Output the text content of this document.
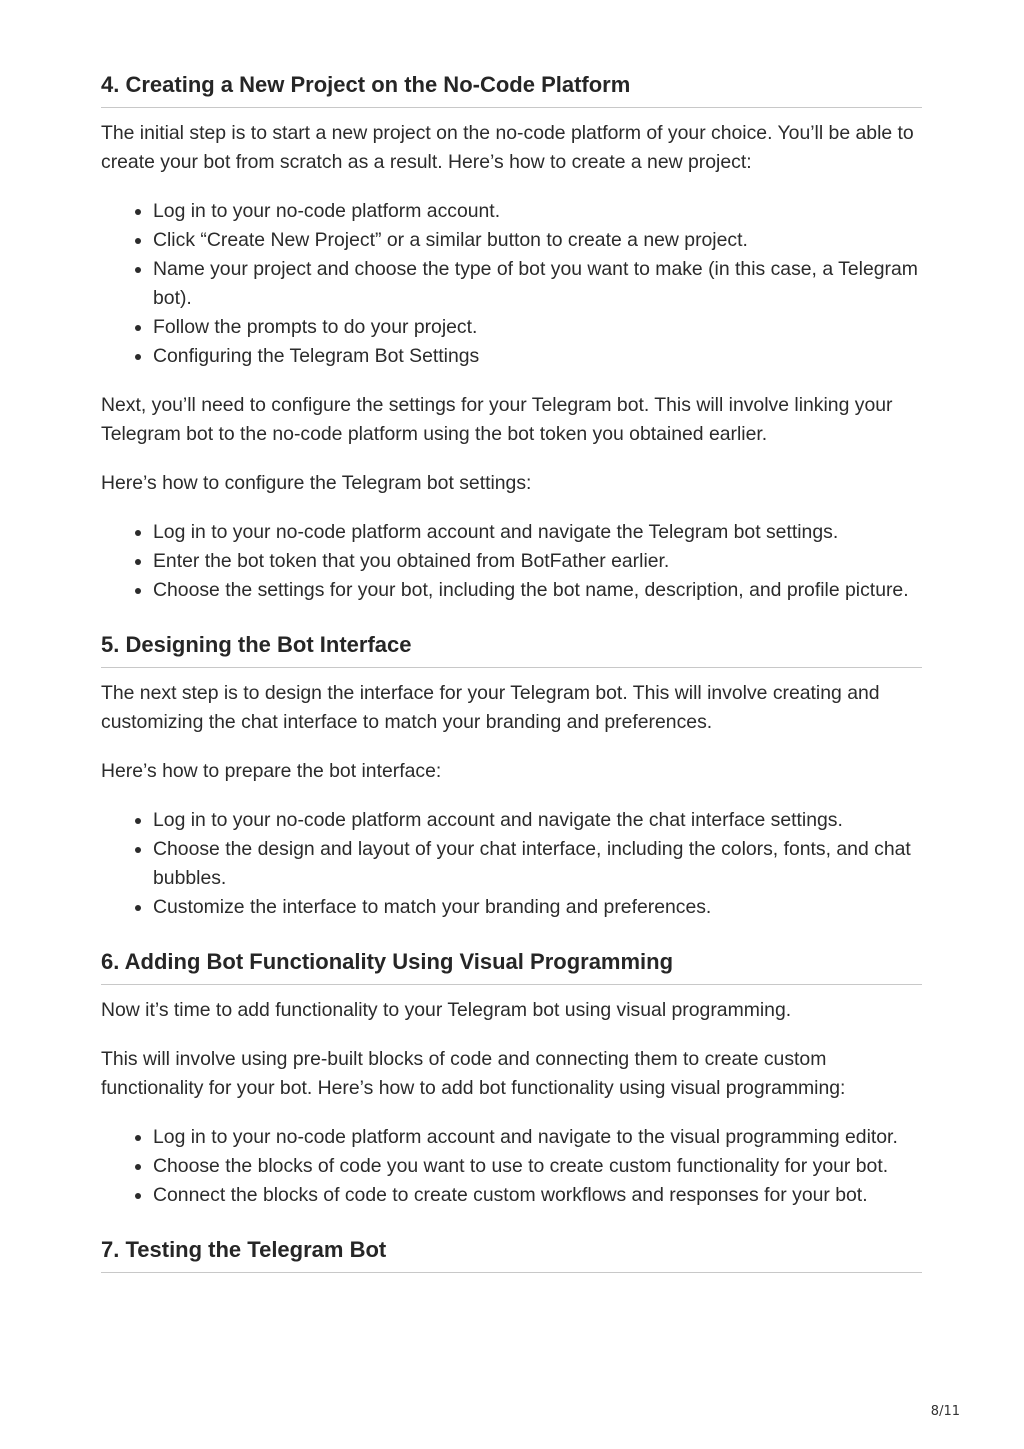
4. Creating a New Project on the No-Code Platform

The initial step is to start a new project on the no-code platform of your choice. You’ll be able to create your bot from scratch as a result. Here’s how to create a new project:

• Log in to your no-code platform account.
• Click “Create New Project” or a similar button to create a new project.
• Name your project and choose the type of bot you want to make (in this case, a Telegram bot).
• Follow the prompts to do your project.
• Configuring the Telegram Bot Settings

Next, you’ll need to configure the settings for your Telegram bot. This will involve linking your Telegram bot to the no-code platform using the bot token you obtained earlier.

Here’s how to configure the Telegram bot settings:

• Log in to your no-code platform account and navigate the Telegram bot settings.
• Enter the bot token that you obtained from BotFather earlier.
• Choose the settings for your bot, including the bot name, description, and profile picture.
5. Designing the Bot Interface

The next step is to design the interface for your Telegram bot. This will involve creating and customizing the chat interface to match your branding and preferences.

Here’s how to prepare the bot interface:

• Log in to your no-code platform account and navigate the chat interface settings.
• Choose the design and layout of your chat interface, including the colors, fonts, and chat bubbles.
• Customize the interface to match your branding and preferences.
6. Adding Bot Functionality Using Visual Programming

Now it’s time to add functionality to your Telegram bot using visual programming.

This will involve using pre-built blocks of code and connecting them to create custom functionality for your bot. Here’s how to add bot functionality using visual programming:

• Log in to your no-code platform account and navigate to the visual programming editor.
• Choose the blocks of code you want to use to create custom functionality for your bot.
• Connect the blocks of code to create custom workflows and responses for your bot.
7. Testing the Telegram Bot
8/11
